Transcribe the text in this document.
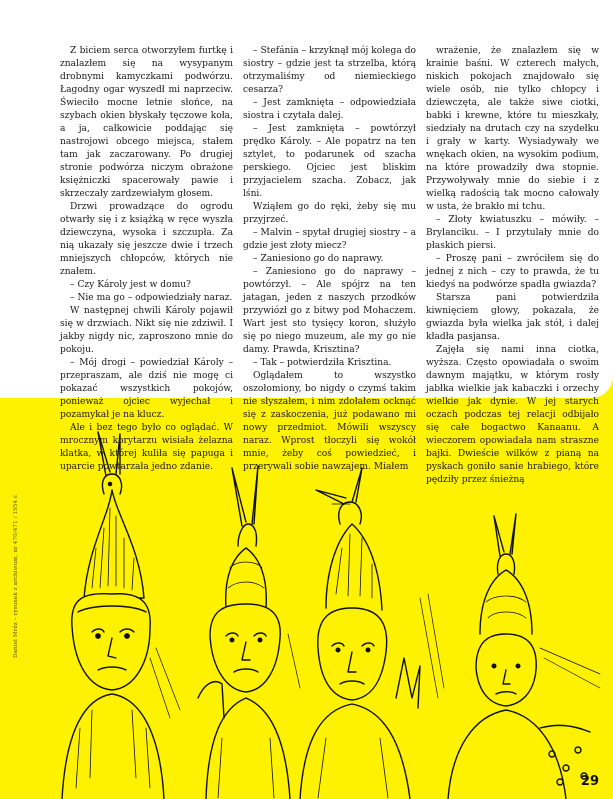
Z biciem serca otworzyłem furtkę i znalazłem się na wysypanym drobnymi kamyczkami podwórzu. Łagodny ogar wyszedł mi naprzeciw. Świeciło mocne letnie słońce, na szybach okien błyskały tęczowe koła, a ja, całkowicie poddając się nastrojowi obcego miejsca, stałem tam jak zaczarowany. Po drugiej stronie podwórza niczym obrażone księżniczki spacerowały pawie i skrzeczały zardzewiałym głosem.

Drzwi prowadzące do ogrodu otwarły się i z książką w ręce wyszła dziewczyna, wysoka i szczupła. Za nią ukazały się jeszcze dwie i trzech mniejszych chłopców, których nie znałem.

– Czy Károly jest w domu?

– Nie ma go – odpowiedziały naraz.

W następnej chwili Károly pojawił się w drzwiach. Nikt się nie zdziwił. I jakby nigdy nic, zaproszono mnie do pokoju.

– Mój drogi – powiedział Károly – przepraszam, ale dziś nie mogę ci pokazać wszystkich pokojów, ponieważ ojciec wyjechał i pozamykał je na klucz.

Ale i bez tego było co oglądać. W mrocznym korytarzu wisiała żelazna klatka, w której kuliła się papuga i uparcie powtarzała jedno zdanie.

– Stefánia – krzyknął mój kolega do siostry – gdzie jest ta strzelba, którą otrzymaliśmy od niemieckiego cesarza?

– Jest zamknięta – odpowiedziała siostra i czytała dalej.

– Jest zamknięta – powtórzył prędko Károly. – Ale popatrz na ten sztylet, to podarunek od szacha perskiego. Ojciec jest bliskim przyjacielem szacha. Zobacz, jak lśni.

Wziąłem go do ręki, żeby się mu przyjrzeć.

– Malvin – spytał drugiej siostry – a gdzie jest złoty miecz?

– Zaniesiono go do naprawy.

– Zaniesiono go do naprawy – powtórzył. – Ale spójrz na ten jatagan, jeden z naszych przodków przywiózł go z bitwy pod Mohaczem. Wart jest sto tysięcy koron, służyło się po niego muzeum, ale my go nie damy. Prawda, Krisztina?

– Tak – potwierdziła Krisztina.

Oglądałem to wszystko oszołomiony, bo nigdy o czymś takim nie słyszałem, i nim zdołałem ocknąć się z zaskoczenia, już podawano mi nowy przedmiot. Mówili wszyscy naraz. Wprost tłoczyli się wokół mnie, żeby coś powiedzieć, i przerywali sobie nawzajem. Miałem

wrażenie, że znalazłem się w krainie baśni. W czterech małych, niskich pokojach znajdowało się wiele osób, nie tylko chłopcy i dziewczęta, ale także siwe ciotki, babki i krewne, które tu mieszkały, siedziały na drutach czy na szydełku i grały w karty. Wysiadywały we wnękach okien, na wysokim podium, na które prowadziły dwa stopnie. Przywoływały mnie do siebie i z wielką radością tak mocno całowały w usta, że brakło mi tchu.

– Złoty kwiatuszku – mówiły. – Brylanciku. – I przytulały mnie do płaskich piersi.

– Proszę pani – zwróciłem się do jednej z nich – czy to prawda, że tu kiedyś na podwórze spadła gwiazda?

Starsza pani potwierdziła kiwnięciem głowy, pokazała, że gwiazda była wielka jak stół, i dalej kładła pasjansa.

Zajęła się nami inna ciotka, wyższa. Często opowiadała o swoim dawnym majątku, w którym rosły jabłka wielkie jak kabaczki i orzechy wielkie jak dynie. W jej starych oczach podczas tej relacji odbijało się całe bogactwo Kanaanu. A wieczorem opowiadała nam straszne bajki. Dwieście wilków z pianą na pyskach goniło sanie hrabiego, które pędziły przez śnieżną

Daniel Mróz – rysunek z archiwum, nr 470/471 / 1954 r.
29
